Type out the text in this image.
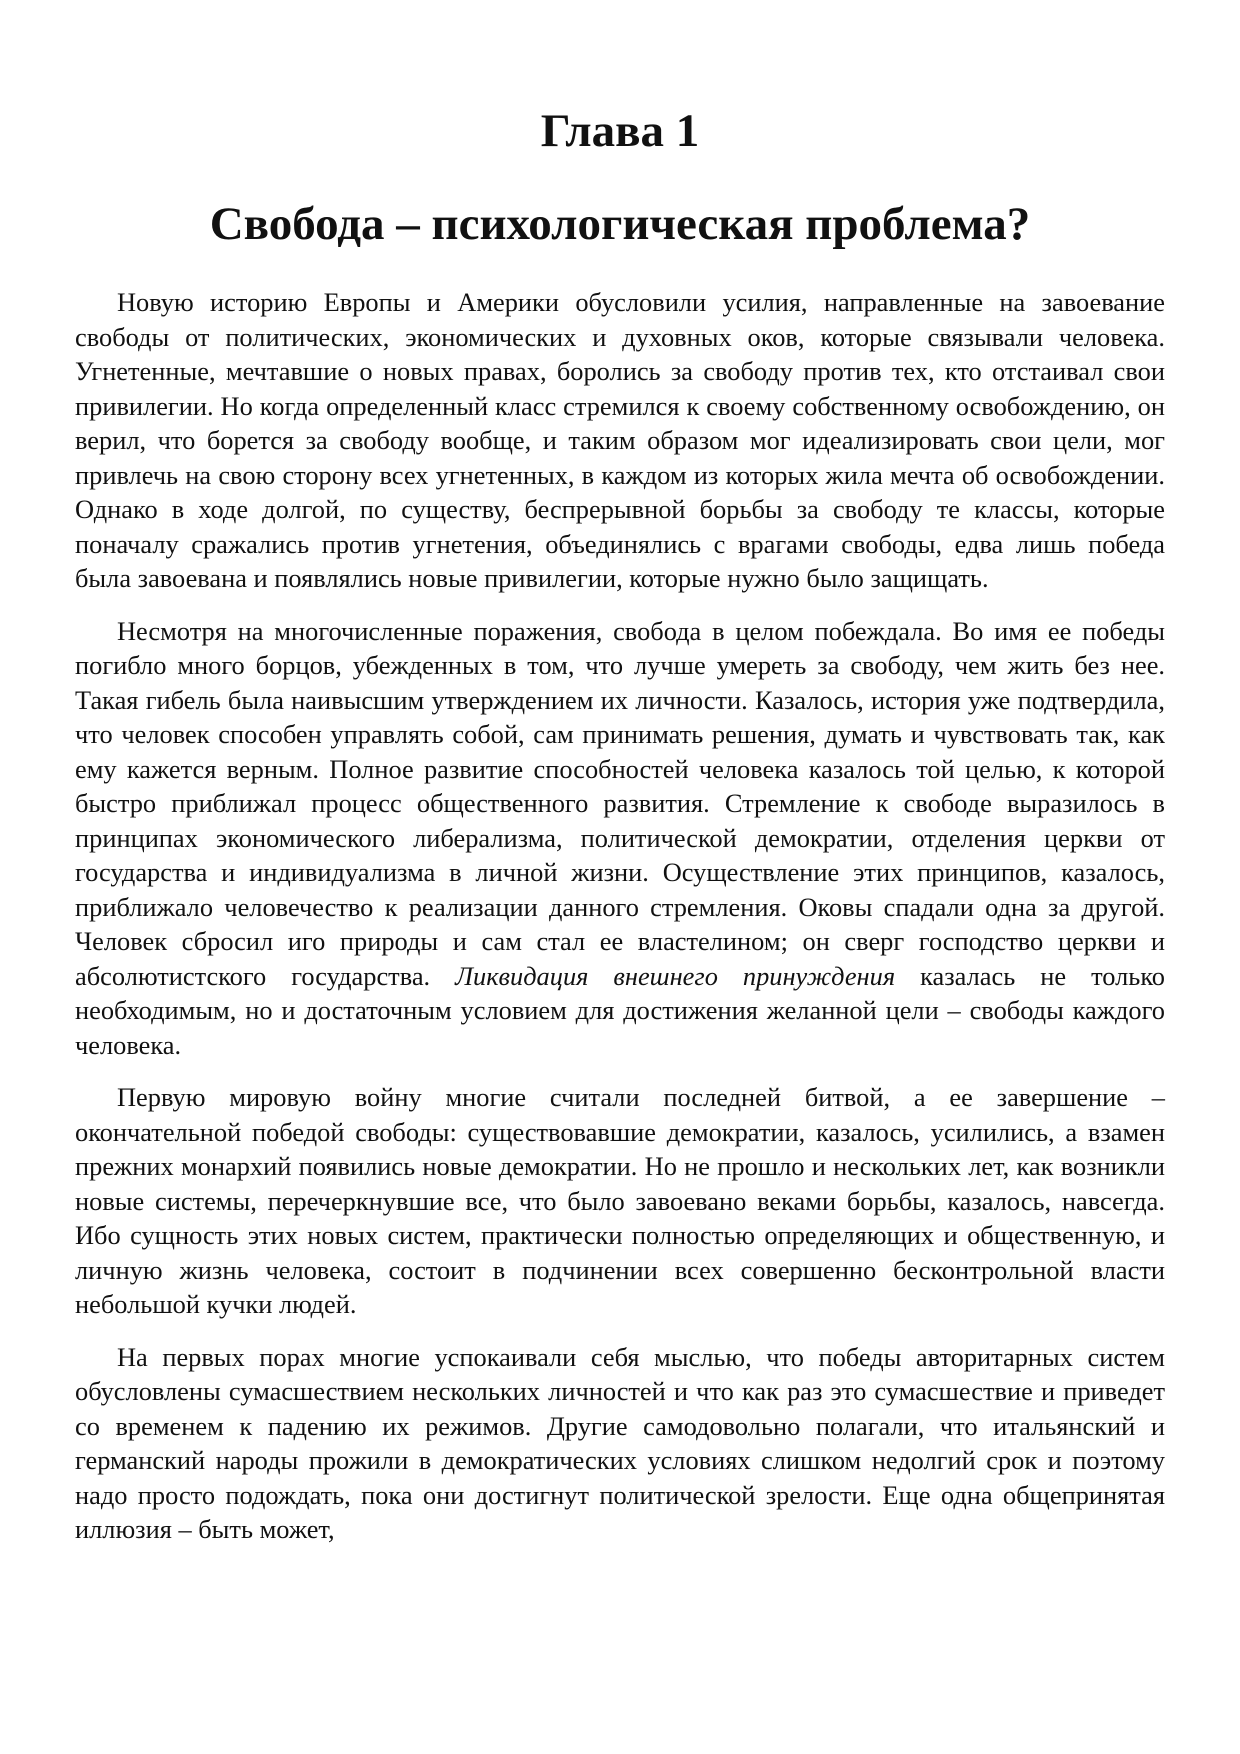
Глава 1
Свобода – психологическая проблема?

Новую историю Европы и Америки обусловили усилия, направленные на завоевание свободы от политических, экономических и духовных оков, которые связывали человека. Угнетенные, мечтавшие о новых правах, боролись за свободу против тех, кто отстаивал свои привилегии. Но когда определенный класс стремился к своему собственному освобождению, он верил, что борется за свободу вообще, и таким образом мог идеализировать свои цели, мог привлечь на свою сторону всех угнетенных, в каждом из которых жила мечта об освобождении. Однако в ходе долгой, по существу, беспрерывной борьбы за свободу те классы, которые поначалу сражались против угнетения, объединялись с врагами свободы, едва лишь победа была завоевана и появлялись новые привилегии, которые нужно было защищать.

Несмотря на многочисленные поражения, свобода в целом побеждала. Во имя ее победы погибло много борцов, убежденных в том, что лучше умереть за свободу, чем жить без нее. Такая гибель была наивысшим утверждением их личности. Казалось, история уже подтвердила, что человек способен управлять собой, сам принимать решения, думать и чувствовать так, как ему кажется верным. Полное развитие способностей человека казалось той целью, к которой быстро приближал процесс общественного развития. Стремление к свободе выразилось в принципах экономического либерализма, политической демократии, отделения церкви от государства и индивидуализма в личной жизни. Осуществление этих принципов, казалось, приближало человечество к реализации данного стремления. Оковы спадали одна за другой. Человек сбросил иго природы и сам стал ее властелином; он сверг господство церкви и абсолютистского государства. Ликвидация внешнего принуждения казалась не только необходимым, но и достаточным условием для достижения желанной цели – свободы каждого человека.

Первую мировую войну многие считали последней битвой, а ее завершение – окончательной победой свободы: существовавшие демократии, казалось, усилились, а взамен прежних монархий появились новые демократии. Но не прошло и нескольких лет, как возникли новые системы, перечеркнувшие все, что было завоевано веками борьбы, казалось, навсегда. Ибо сущность этих новых систем, практически полностью определяющих и общественную, и личную жизнь человека, состоит в подчинении всех совершенно бесконтрольной власти небольшой кучки людей.

На первых порах многие успокаивали себя мыслью, что победы авторитарных систем обусловлены сумасшествием нескольких личностей и что как раз это сумасшествие и приведет со временем к падению их режимов. Другие самодовольно полагали, что итальянский и германский народы прожили в демократических условиях слишком недолгий срок и поэтому надо просто подождать, пока они достигнут политической зрелости. Еще одна общепринятая иллюзия – быть может,
